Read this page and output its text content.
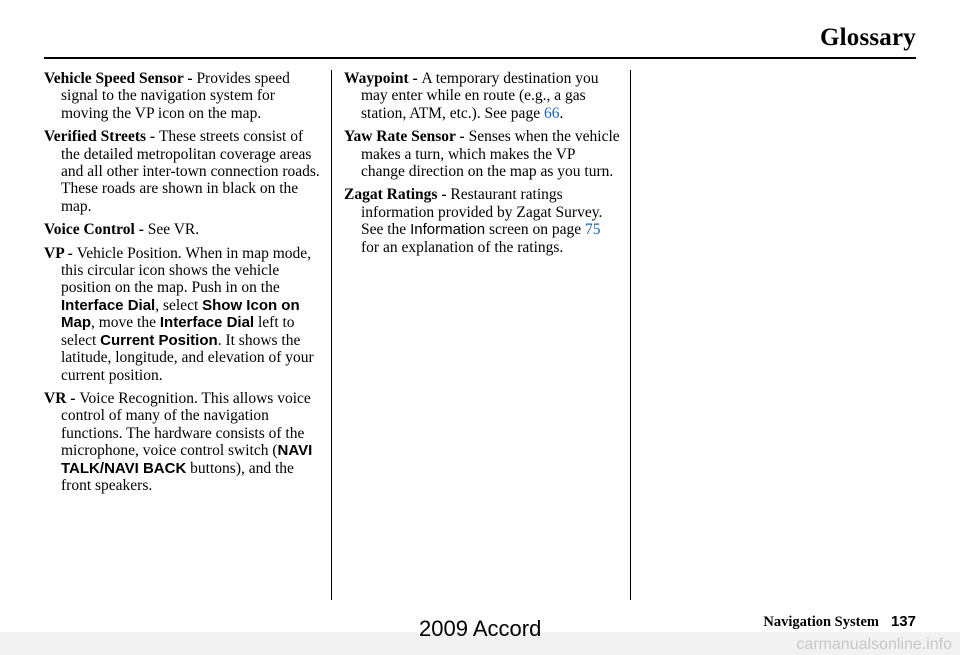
Glossary

Vehicle Speed Sensor - Provides speed signal to the navigation system for moving the VP icon on the map.

Verified Streets - These streets consist of the detailed metropolitan coverage areas and all other inter-town connection roads. These roads are shown in black on the map.

Voice Control - See VR.

VP - Vehicle Position. When in map mode, this circular icon shows the vehicle position on the map. Push in on the Interface Dial, select Show Icon on Map, move the Interface Dial left to select Current Position. It shows the latitude, longitude, and elevation of your current position.

VR - Voice Recognition. This allows voice control of many of the navigation functions. The hardware consists of the microphone, voice control switch (NAVI TALK/NAVI BACK buttons), and the front speakers.

Waypoint - A temporary destination you may enter while en route (e.g., a gas station, ATM, etc.). See page 66.

Yaw Rate Sensor - Senses when the vehicle makes a turn, which makes the VP change direction on the map as you turn.

Zagat Ratings - Restaurant ratings information provided by Zagat Survey. See the Information screen on page 75 for an explanation of the ratings.

Navigation System 137
2009 Accord
carmanualsonline.info
